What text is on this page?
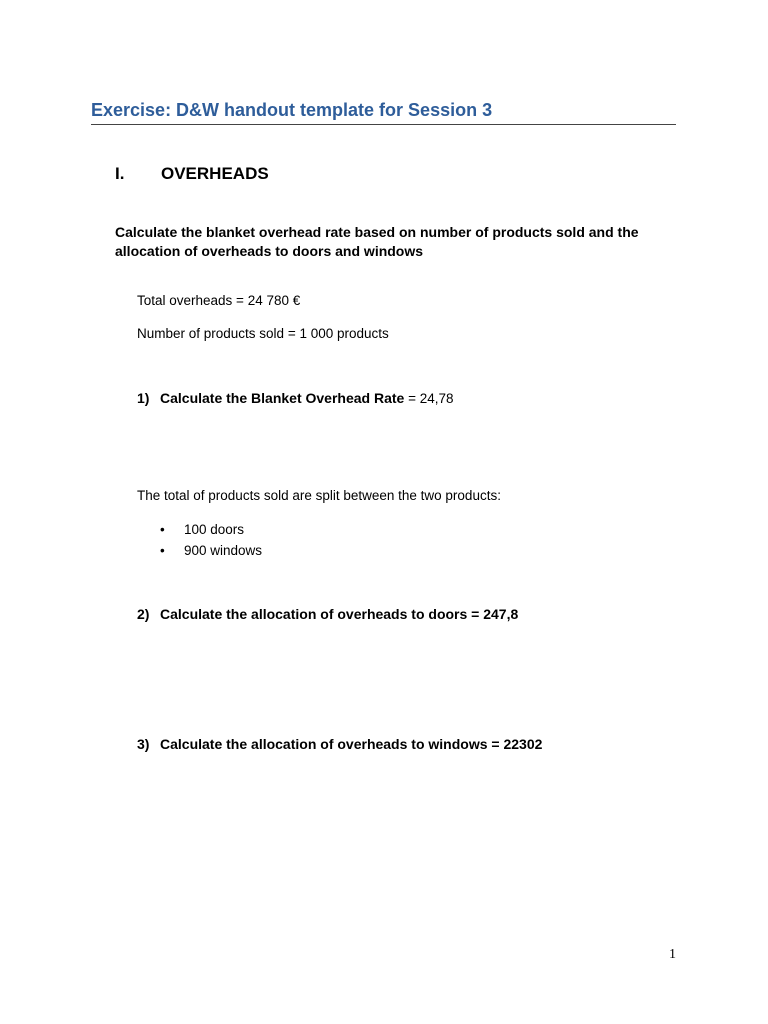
Exercise: D&W handout template for Session 3
I. OVERHEADS
Calculate the blanket overhead rate based on number of products sold and the allocation of overheads to doors and windows
Total overheads = 24 780 €
Number of products sold = 1 000 products
1) Calculate the Blanket Overhead Rate = 24,78
The total of products sold are split between the two products:
• 100 doors
• 900 windows
2) Calculate the allocation of overheads to doors = 247,8
3) Calculate the allocation of overheads to windows = 22302
1
